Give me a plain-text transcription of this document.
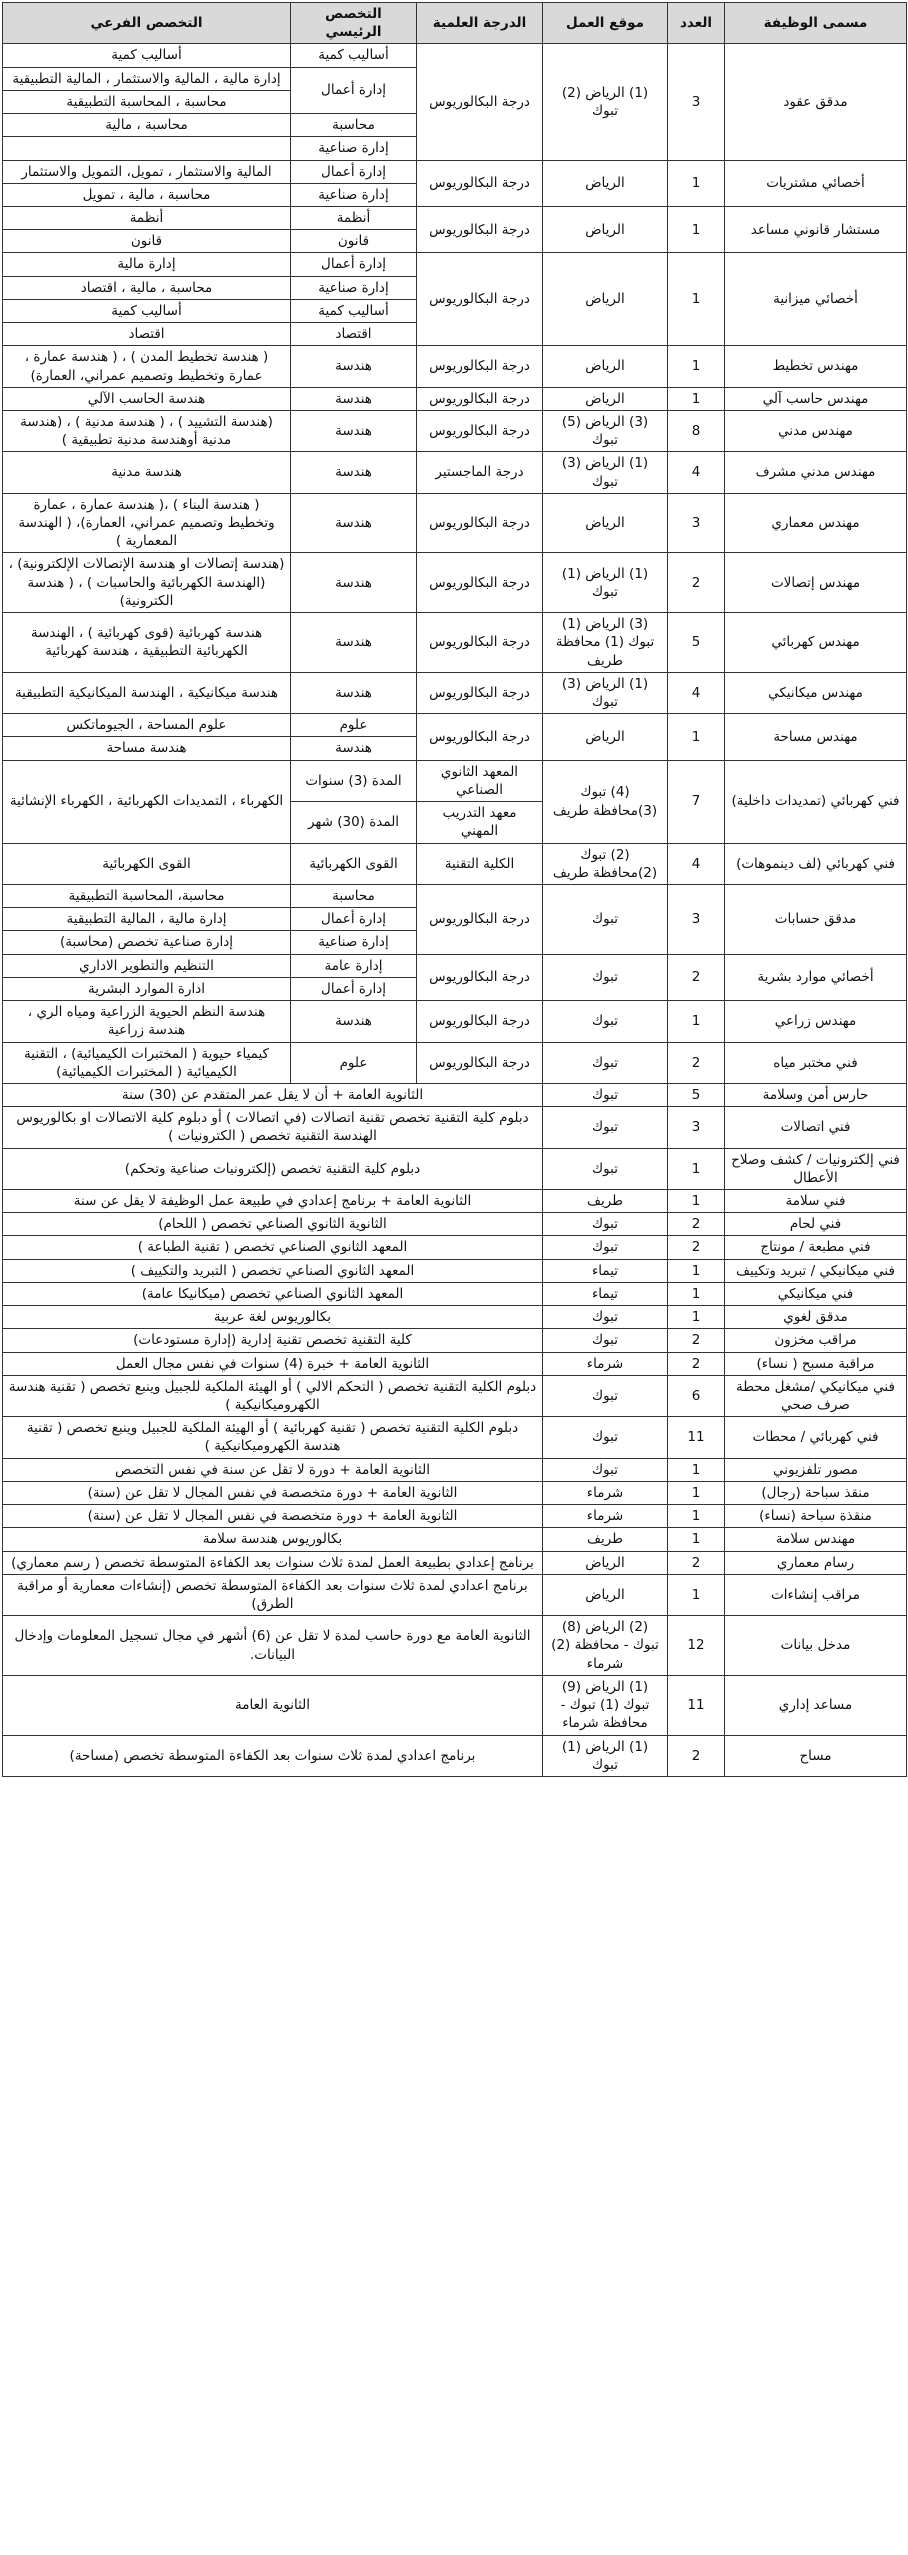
مسمى الوظيفة	العدد	موقع العمل	الدرجة العلمية	التخصص الرئيسي	التخصص الفرعي
مدقق عقود	3	(1) الرياض (2) تبوك	درجة البكالوريوس	أساليب كمية	أساليب كمية
				إدارة أعمال	إدارة مالية ، المالية والاستثمار ، المالية التطبيقية
					محاسبة ، المحاسبة التطبيقية
				محاسبة	محاسبة ، مالية
				إدارة صناعية	
أخصائي مشتريات	1	الرياض	درجة البكالوريوس	إدارة أعمال	المالية والاستثمار ، تمويل، التمويل والاستثمار
				إدارة صناعية	محاسبة ، مالية ، تمويل
مستشار قانوني مساعد	1	الرياض	درجة البكالوريوس	أنظمة	أنظمة
				قانون	قانون
أخصائي ميزانية	1	الرياض	درجة البكالوريوس	إدارة أعمال	إدارة مالية
				إدارة صناعية	محاسبة ، مالية ، اقتصاد
				أساليب كمية	أساليب كمية
				اقتصاد	اقتصاد
مهندس تخطيط	1	الرياض	درجة البكالوريوس	هندسة	( هندسة تخطيط المدن ) ، ( هندسة عمارة ، عمارة وتخطيط وتصميم عمراني، العمارة)
مهندس حاسب آلي	1	الرياض	درجة البكالوريوس	هندسة	هندسة الحاسب الآلي
مهندس مدني	8	(3) الرياض (5) تبوك	درجة البكالوريوس	هندسة	(هندسة التشييد ) ، ( هندسة مدنية ) ، (هندسة مدنية أوهندسة مدنية تطبيقية )
مهندس مدني مشرف	4	(1) الرياض (3) تبوك	درجة الماجستير	هندسة	هندسة مدنية
مهندس معماري	3	الرياض	درجة البكالوريوس	هندسة	( هندسة البناء ) ،( هندسة عمارة ، عمارة وتخطيط وتصميم عمراني، العمارة)، ( الهندسة المعمارية )
مهندس إتصالات	2	(1) الرياض (1) تبوك	درجة البكالوريوس	هندسة	(هندسة إتصالات او هندسة الإتصالات الإلكترونية) ، (الهندسة الكهربائية والحاسبات ) ، ( هندسة الكترونية)
مهندس كهربائي	5	(3) الرياض (1) تبوك (1) محافظة طريف	درجة البكالوريوس	هندسة	هندسة كهربائية (قوى كهربائية ) ، الهندسة الكهربائية التطبيقية ، هندسة كهربائية
مهندس ميكانيكي	4	(1) الرياض (3) تبوك	درجة البكالوريوس	هندسة	هندسة ميكانيكية ، الهندسة الميكانيكية التطبيقية
مهندس مساحة	1	الرياض	درجة البكالوريوس	علوم	علوم المساحة ، الجيوماتكس
				هندسة	هندسة مساحة
فني كهربائي (تمديدات داخلية)	7	(4) تبوك (3)محافظة طريف	المعهد الثانوي الصناعي	المدة (3) سنوات	الكهرباء ، التمديدات الكهربائية ، الكهرباء الإنشائية
			معهد التدريب المهني	المدة (30) شهر	
فني كهربائي (لف دينموهات)	4	(2) تبوك (2)محافظة طريف	الكلية التقنية	القوى الكهربائية	القوى الكهربائية
مدقق حسابات	3	تبوك	درجة البكالوريوس	محاسبة	محاسبة، المحاسبة التطبيقية
				إدارة أعمال	إدارة مالية ، المالية التطبيقية
				إدارة صناعية	إدارة صناعية تخصص (محاسبة)
أخصائي موارد بشرية	2	تبوك	درجة البكالوريوس	إدارة عامة	التنظيم والتطوير الاداري
				إدارة أعمال	ادارة الموارد البشرية
مهندس زراعي	1	تبوك	درجة البكالوريوس	هندسة	هندسة النظم الحيوية الزراعية ومياه الري ، هندسة زراعية
فني مختبر مياه	2	تبوك	درجة البكالوريوس	علوم	كيمياء حيوية ( المختبرات الكيميائية) ، التقنية الكيميائية ( المختبرات الكيميائية)
حارس أمن وسلامة	5	تبوك	الثانوية العامة + أن لا يقل عمر المتقدم عن (30) سنة		
فني اتصالات	3	تبوك	دبلوم كلية التقنية تخصص تقنية اتصالات (في اتصالات ) أو دبلوم كلية الاتصالات او بكالوريوس الهندسة التقنية تخصص ( الكترونيات )		
فني إلكترونيات / كشف وصلاح الأعطال	1	تبوك	دبلوم كلية التقنية تخصص (إلكترونيات صناعية وتحكم)		
فني سلامة	1	طريف	الثانوية العامة + برنامج إعدادي في طبيعة عمل الوظيفة لا يقل عن سنة		
فني لحام	2	تبوك	الثانوية الثانوي الصناعي تخصص ( اللحام)		
فني مطبعة / مونتاج	2	تبوك	المعهد الثانوي الصناعي تخصص ( تقنية الطباعة )		
فني ميكانيكي / تبريد وتكييف	1	تيماء	المعهد الثانوي الصناعي تخصص ( التبريد والتكييف )		
فني ميكانيكي	1	تيماء	المعهد الثانوي الصناعي تخصص (ميكانيكا عامة)		
مدقق لغوي	1	تبوك	بكالوريوس لغة عربية		
مراقب مخزون	2	تبوك	كلية التقنية تخصص تقنية إدارية (إدارة مستودعات)		
مراقبة مسبح ( نساء)	2	شرماء	الثانوية العامة + خبرة (4) سنوات في نفس مجال العمل		
فني ميكانيكي /مشغل محطة صرف صحي	6	تبوك	دبلوم الكلية التقنية تخصص ( التحكم الالي ) أو الهيئة الملكية للجبيل وينبع تخصص ( تقنية هندسة الكهروميكانيكية )		
فني كهربائي / محطات	11	تبوك	دبلوم الكلية التقنية تخصص ( تقنية كهربائية ) أو الهيئة الملكية للجبيل وينبع تخصص ( تقنية هندسة الكهروميكانيكية )		
مصور تلفزيوني	1	تبوك	الثانوية العامة + دورة لا تقل عن سنة في نفس التخصص		
منقذ سباحة (رجال)	1	شرماء	الثانوية العامة + دورة متخصصة في نفس المجال لا تقل عن (سنة)		
منقذة سباحة (نساء)	1	شرماء	الثانوية العامة + دورة متخصصة في نفس المجال لا تقل عن (سنة)		
مهندس سلامة	1	طريف	بكالوريوس هندسة سلامة		
رسام معماري	2	الرياض	برنامج إعدادي بطبيعة العمل لمدة ثلاث سنوات بعد الكفاءة المتوسطة تخصص ( رسم معماري)		
مراقب إنشاءات	1	الرياض	برنامج اعدادي لمدة ثلاث سنوات بعد الكفاءة المتوسطة تخصص (إنشاءات معمارية أو مراقبة الطرق)		
مدخل بيانات	12	(2) الرياض (8) تبوك - محافظة (2) شرماء	الثانوية العامة مع دورة حاسب لمدة لا تقل عن (6) أشهر في مجال تسجيل المعلومات وإدخال البيانات.		
مساعد إداري	11	(1) الرياض (9) تبوك (1) تبوك - محافظة شرماء	الثانوية العامة		
مساح	2	(1) الرياض (1) تبوك	برنامج اعدادي لمدة ثلاث سنوات بعد الكفاءة المتوسطة تخصص (مساحة)		
